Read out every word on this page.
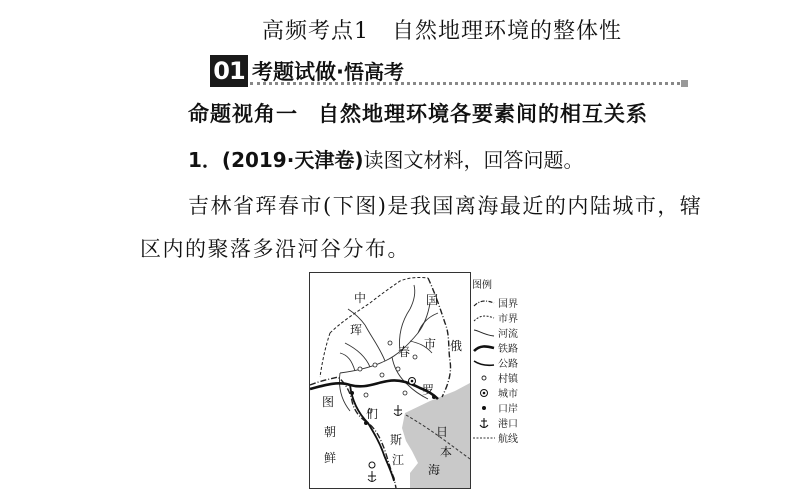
高频考点1　自然地理环境的整体性
01 考题试做·悟高考
命题视角一 自然地理环境各要素间的相互关系
1．(2019·天津卷)读图文材料，回答问题。
吉林省珲春市(下图)是我国离海最近的内陆城市，辖
区内的聚落多沿河谷分布。
中	国
珲
春
市 俄
罗
斯
图
们
江
朝
鲜
日
本
海
图例
国界
市界
河流
铁路
公路
村镇
城市
口岸
港口
航线
